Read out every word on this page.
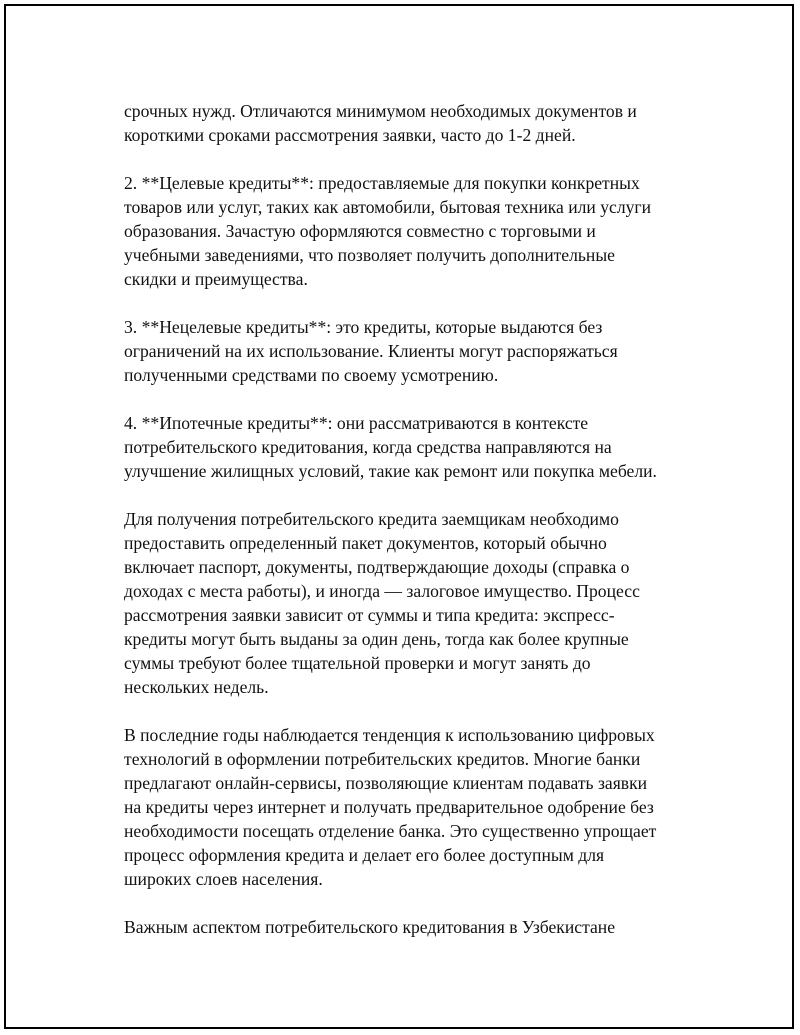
срочных нужд. Отличаются минимумом необходимых документов и
короткими сроками рассмотрения заявки, часто до 1-2 дней.

2. **Целевые кредиты**: предоставляемые для покупки конкретных
товаров или услуг, таких как автомобили, бытовая техника или услуги
образования. Зачастую оформляются совместно с торговыми и
учебными заведениями, что позволяет получить дополнительные
скидки и преимущества.

3. **Нецелевые кредиты**: это кредиты, которые выдаются без
ограничений на их использование. Клиенты могут распоряжаться
полученными средствами по своему усмотрению.

4. **Ипотечные кредиты**: они рассматриваются в контексте
потребительского кредитования, когда средства направляются на
улучшение жилищных условий, такие как ремонт или покупка мебели.

Для получения потребительского кредита заемщикам необходимо
предоставить определенный пакет документов, который обычно
включает паспорт, документы, подтверждающие доходы (справка о
доходах с места работы), и иногда — залоговое имущество. Процесс
рассмотрения заявки зависит от суммы и типа кредита: экспресс-
кредиты могут быть выданы за один день, тогда как более крупные
суммы требуют более тщательной проверки и могут занять до
нескольких недель.

В последние годы наблюдается тенденция к использованию цифровых
технологий в оформлении потребительских кредитов. Многие банки
предлагают онлайн-сервисы, позволяющие клиентам подавать заявки
на кредиты через интернет и получать предварительное одобрение без
необходимости посещать отделение банка. Это существенно упрощает
процесс оформления кредита и делает его более доступным для
широких слоев населения.

Важным аспектом потребительского кредитования в Узбекистане
